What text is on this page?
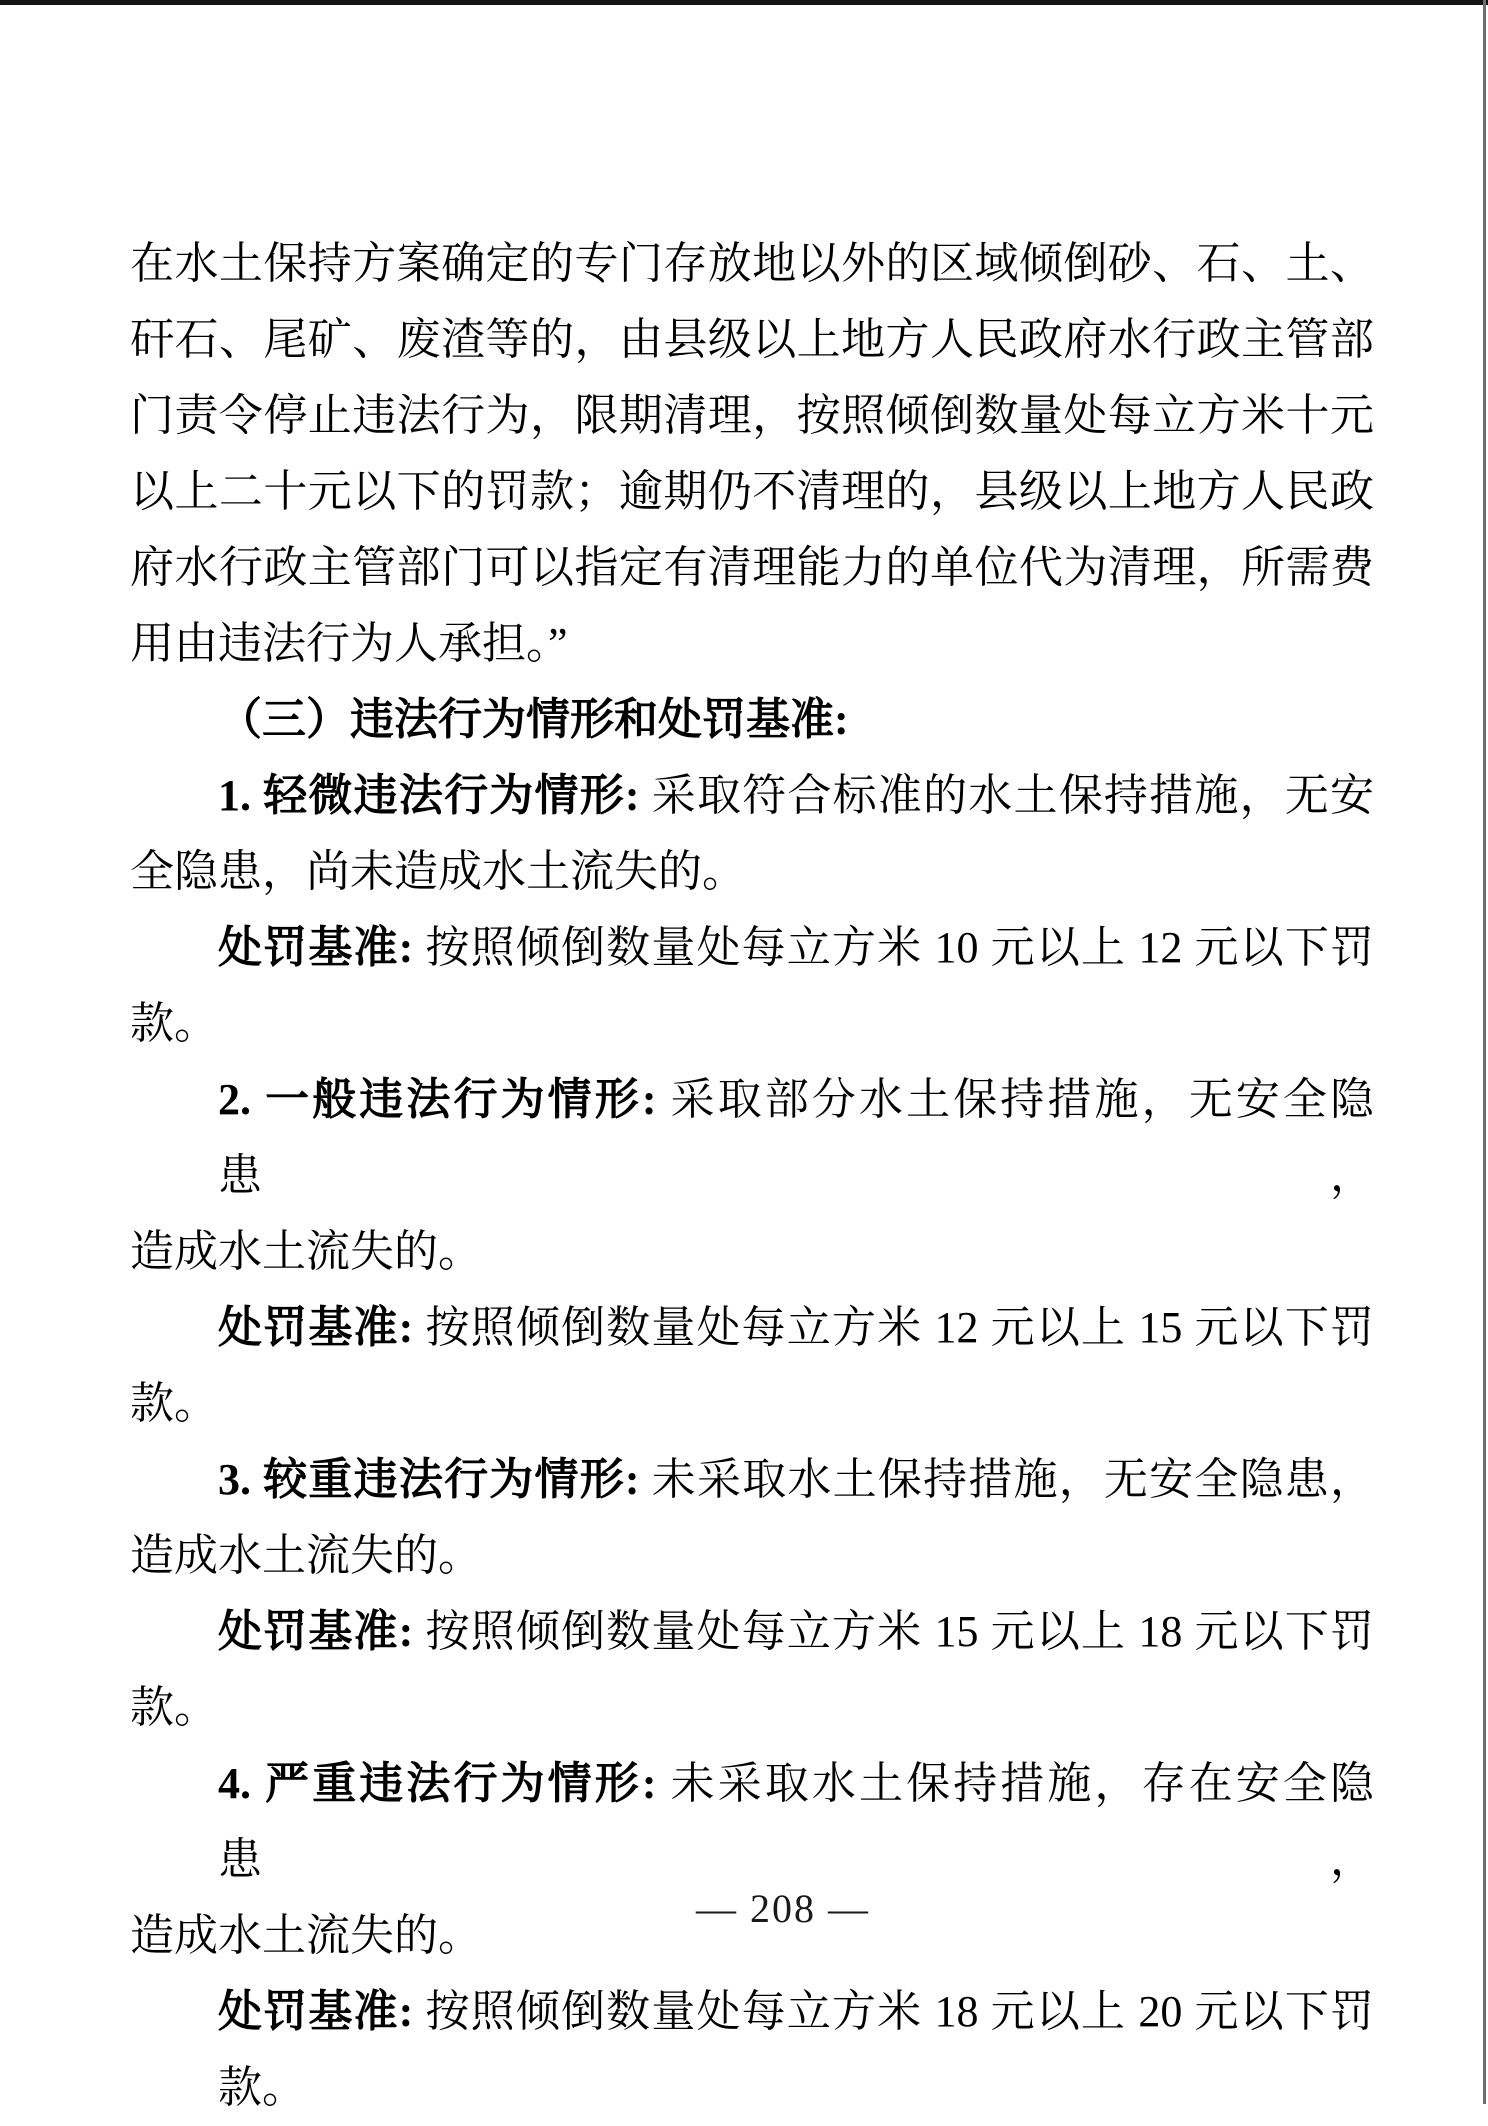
在水土保持方案确定的专门存放地以外的区域倾倒砂、石、土、
矸石、尾矿、废渣等的，由县级以上地方人民政府水行政主管部
门责令停止违法行为，限期清理，按照倾倒数量处每立方米十元
以上二十元以下的罚款；逾期仍不清理的，县级以上地方人民政
府水行政主管部门可以指定有清理能力的单位代为清理，所需费
用由违法行为人承担。”
（三）违法行为情形和处罚基准:
1. 轻微违法行为情形: 采取符合标准的水土保持措施，无安
全隐患，尚未造成水土流失的。
处罚基准: 按照倾倒数量处每立方米 10 元以上 12 元以下罚
款。
2. 一般违法行为情形: 采取部分水土保持措施，无安全隐患，
造成水土流失的。
处罚基准: 按照倾倒数量处每立方米 12 元以上 15 元以下罚
款。
3. 较重违法行为情形: 未采取水土保持措施，无安全隐患，
造成水土流失的。
处罚基准: 按照倾倒数量处每立方米 15 元以上 18 元以下罚
款。
4. 严重违法行为情形: 未采取水土保持措施，存在安全隐患，
造成水土流失的。
处罚基准: 按照倾倒数量处每立方米 18 元以上 20 元以下罚款。
— 208 —
